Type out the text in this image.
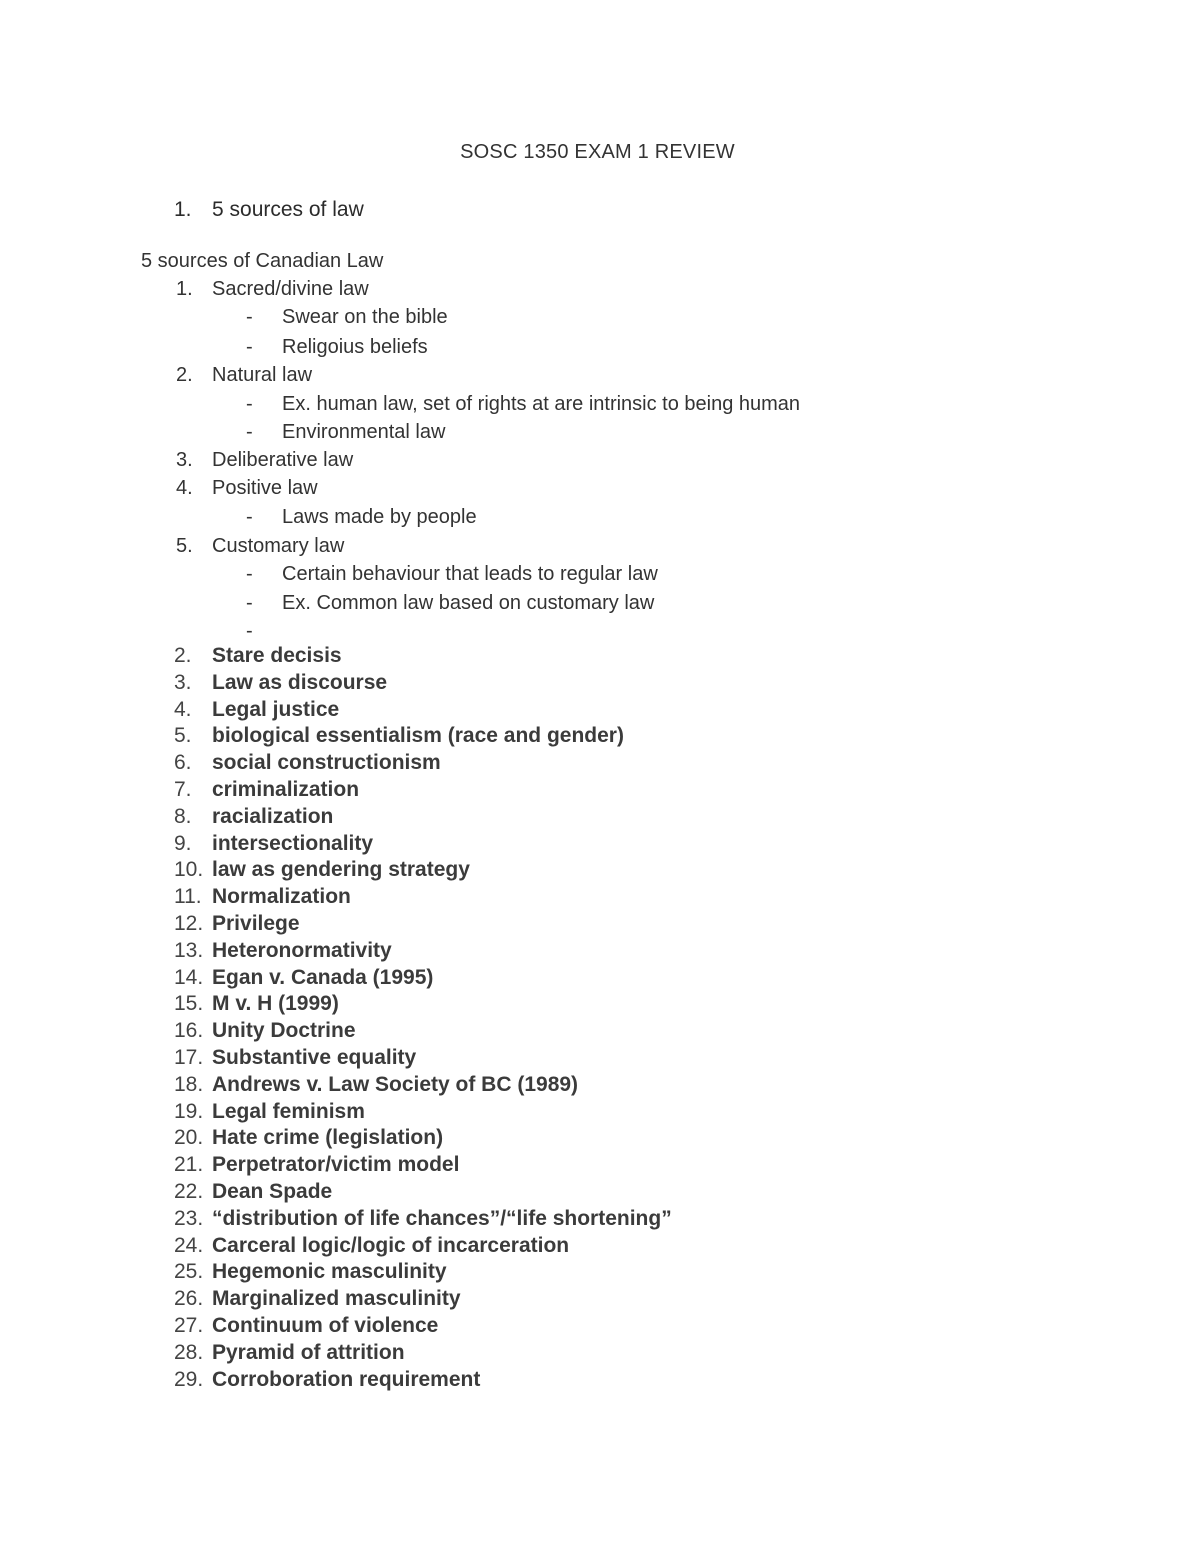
SOSC 1350 EXAM 1 REVIEW
1. 5 sources of law
5 sources of Canadian Law
1. Sacred/divine law
- Swear on the bible
- Religoius beliefs
2. Natural law
- Ex. human law, set of rights at are intrinsic to being human
- Environmental law
3. Deliberative law
4. Positive law
- Laws made by people
5. Customary law
- Certain behaviour that leads to regular law
- Ex. Common law based on customary law
-
2. Stare decisis
3. Law as discourse
4. Legal justice
5. biological essentialism (race and gender)
6. social constructionism
7. criminalization
8. racialization
9. intersectionality
10. law as gendering strategy
11. Normalization
12. Privilege
13. Heteronormativity
14. Egan v. Canada (1995)
15. M v. H (1999)
16. Unity Doctrine
17. Substantive equality
18. Andrews v. Law Society of BC (1989)
19. Legal feminism
20. Hate crime (legislation)
21. Perpetrator/victim model
22. Dean Spade
23. “distribution of life chances”/“life shortening”
24. Carceral logic/logic of incarceration
25. Hegemonic masculinity
26. Marginalized masculinity
27. Continuum of violence
28. Pyramid of attrition
29. Corroboration requirement
